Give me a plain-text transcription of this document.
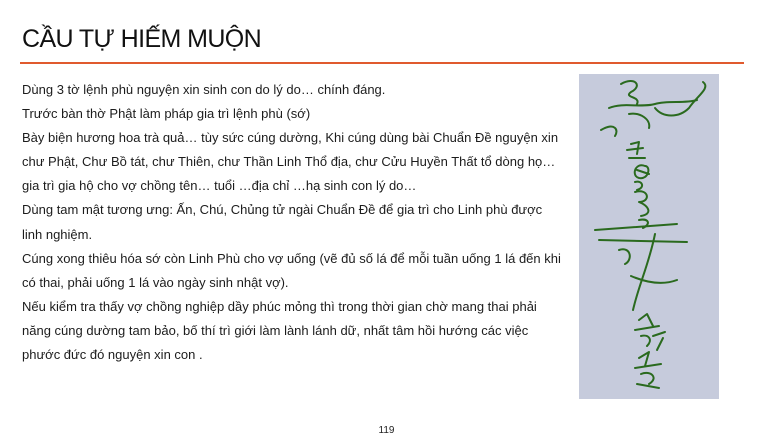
CẦU TỰ HIẾM MUỘN

Dùng 3 tờ lệnh phù nguyện xin sinh con do lý do… chính đáng.

Trước bàn thờ Phật làm pháp gia trì lệnh phù (sớ)

Bày biện hương hoa trà quả… tùy sức cúng dường, Khi cúng dùng bài Chuẩn Đề nguyện xin chư Phật, Chư Bồ tát, chư Thiên, chư Thần Linh Thổ địa, chư Cửu Huyền Thất tổ dòng họ… gia trì gia hộ cho vợ chồng tên… tuổi …địa chỉ …hạ sinh con lý do…

Dùng tam mật tương ưng: Ấn, Chú, Chủng tử ngài Chuẩn Đề để gia trì cho Linh phù được linh nghiệm.

Cúng xong thiêu hóa sớ còn Linh Phù cho vợ uống (vẽ đủ số lá để mỗi tuần uống 1 lá đến khi có thai, phải uống 1 lá vào ngày sinh nhật vợ).

Nếu kiểm tra thấy vợ chồng nghiệp dầy phúc mỏng thì trong thời gian chờ mang thai phải năng cúng dường tam bảo, bố thí trì giới làm lành lánh dữ, nhất tâm hồi hướng các việc phước đức đó nguyện xin con .

119
